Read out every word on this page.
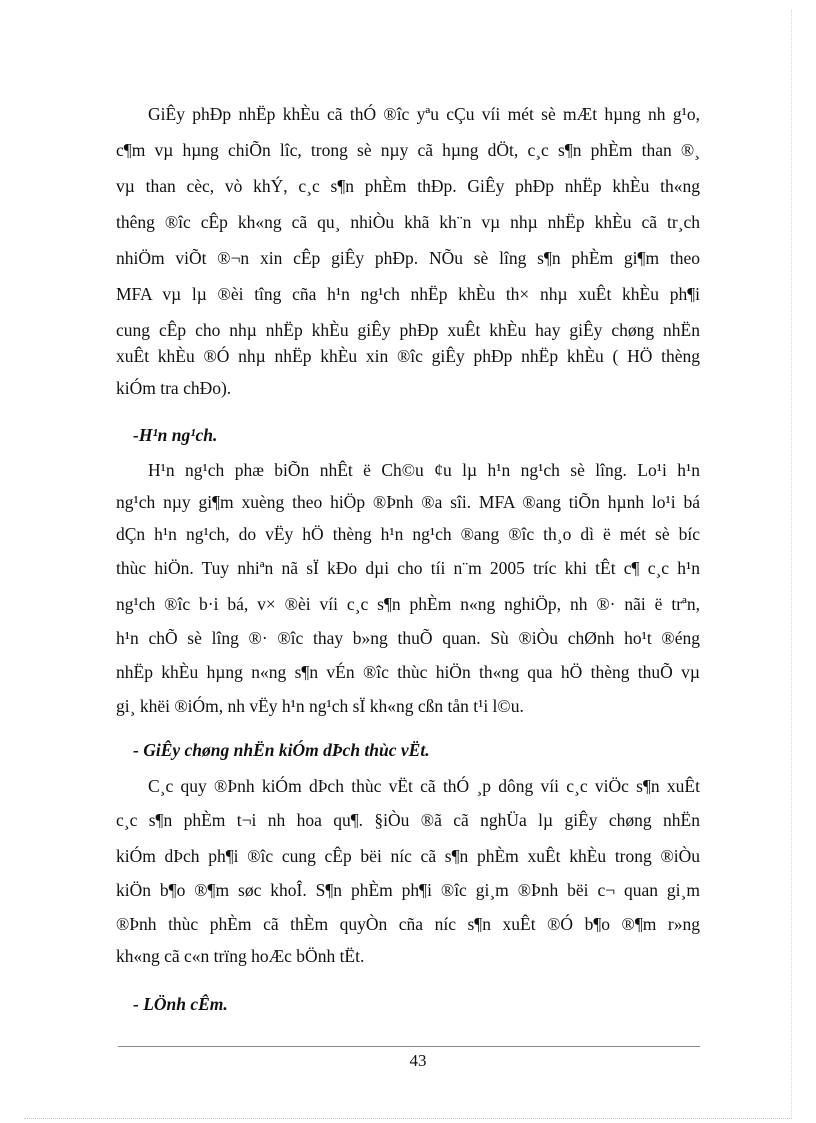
GiÊy phÐp nhËp khÈu cã thÓ ®îc yªu cÇu víi mét sè mÆt hµng nh g¹o,
c¶m vµ hµng chiÕn lîc, trong sè nµy cã hµng dÖt, c¸c s¶n phÈm than ®¸
vµ than cèc, vò khÝ, c¸c s¶n phÈm thÐp. GiÊy phÐp nhËp khÈu th«ng
thêng ®îc cÊp kh«ng cã qu¸ nhiÒu khã kh¨n vµ nhµ nhËp khÈu cã tr¸ch
nhiÖm viÕt ®¬n xin cÊp giÊy phÐp. NÕu sè lîng s¶n phÈm gi¶m theo
MFA vµ lµ ®èi tîng cña h¹n ng¹ch nhËp khÈu th× nhµ xuÊt khÈu ph¶i
cung cÊp cho nhµ nhËp khÈu giÊy phÐp xuÊt khÈu hay giÊy chøng nhËn
xuÊt khÈu ®Ó nhµ nhËp khÈu xin ®îc giÊy phÐp nhËp khÈu ( HÖ thèng
kiÓm tra chÐo).
-H¹n ng¹ch.
H¹n ng¹ch phæ biÕn nhÊt ë Ch©u ¢u lµ h¹n ng¹ch sè lîng. Lo¹i h¹n
ng¹ch nµy gi¶m xuèng theo hiÖp ®Þnh ®a sîi. MFA ®ang tiÕn hµnh lo¹i bá
dÇn h¹n ng¹ch, do vËy hÖ thèng h¹n ng¹ch ®ang ®îc th¸o dì ë mét sè bíc
thùc hiÖn. Tuy nhiªn nã sÏ kÐo dµi cho tíi n¨m 2005 tríc khi tÊt c¶ c¸c h¹n
ng¹ch ®îc b·i bá, v× ®èi víi c¸c s¶n phÈm n«ng nghiÖp, nh ®· nãi ë trªn,
h¹n chÕ sè lîng ®· ®îc thay b»ng thuÕ quan. Sù ®iÒu chØnh ho¹t ®éng
nhËp khÈu hµng n«ng s¶n vÉn ®îc thùc hiÖn th«ng qua hÖ thèng thuÕ vµ
gi¸ khëi ®iÓm, nh vËy h¹n ng¹ch sÏ kh«ng cßn tån t¹i l©u.
- GiÊy chøng nhËn kiÓm dÞch thùc vËt.
C¸c quy ®Þnh kiÓm dÞch thùc vËt cã thÓ ¸p dông víi c¸c viÖc s¶n xuÊt
c¸c s¶n phÈm t¬i nh hoa qu¶. §iÒu ®ã cã nghÜa lµ giÊy chøng nhËn
kiÓm dÞch ph¶i ®îc cung cÊp bëi níc cã s¶n phÈm xuÊt khÈu trong ®iÒu
kiÖn b¶o ®¶m søc khoÎ. S¶n phÈm ph¶i ®îc gi¸m ®Þnh bëi c¬ quan gi¸m
®Þnh thùc phÈm cã thÈm quyÒn cña níc s¶n xuÊt ®Ó b¶o ®¶m r»ng
kh«ng cã c«n trïng hoÆc bÖnh tËt.
- LÖnh cÊm.
43
